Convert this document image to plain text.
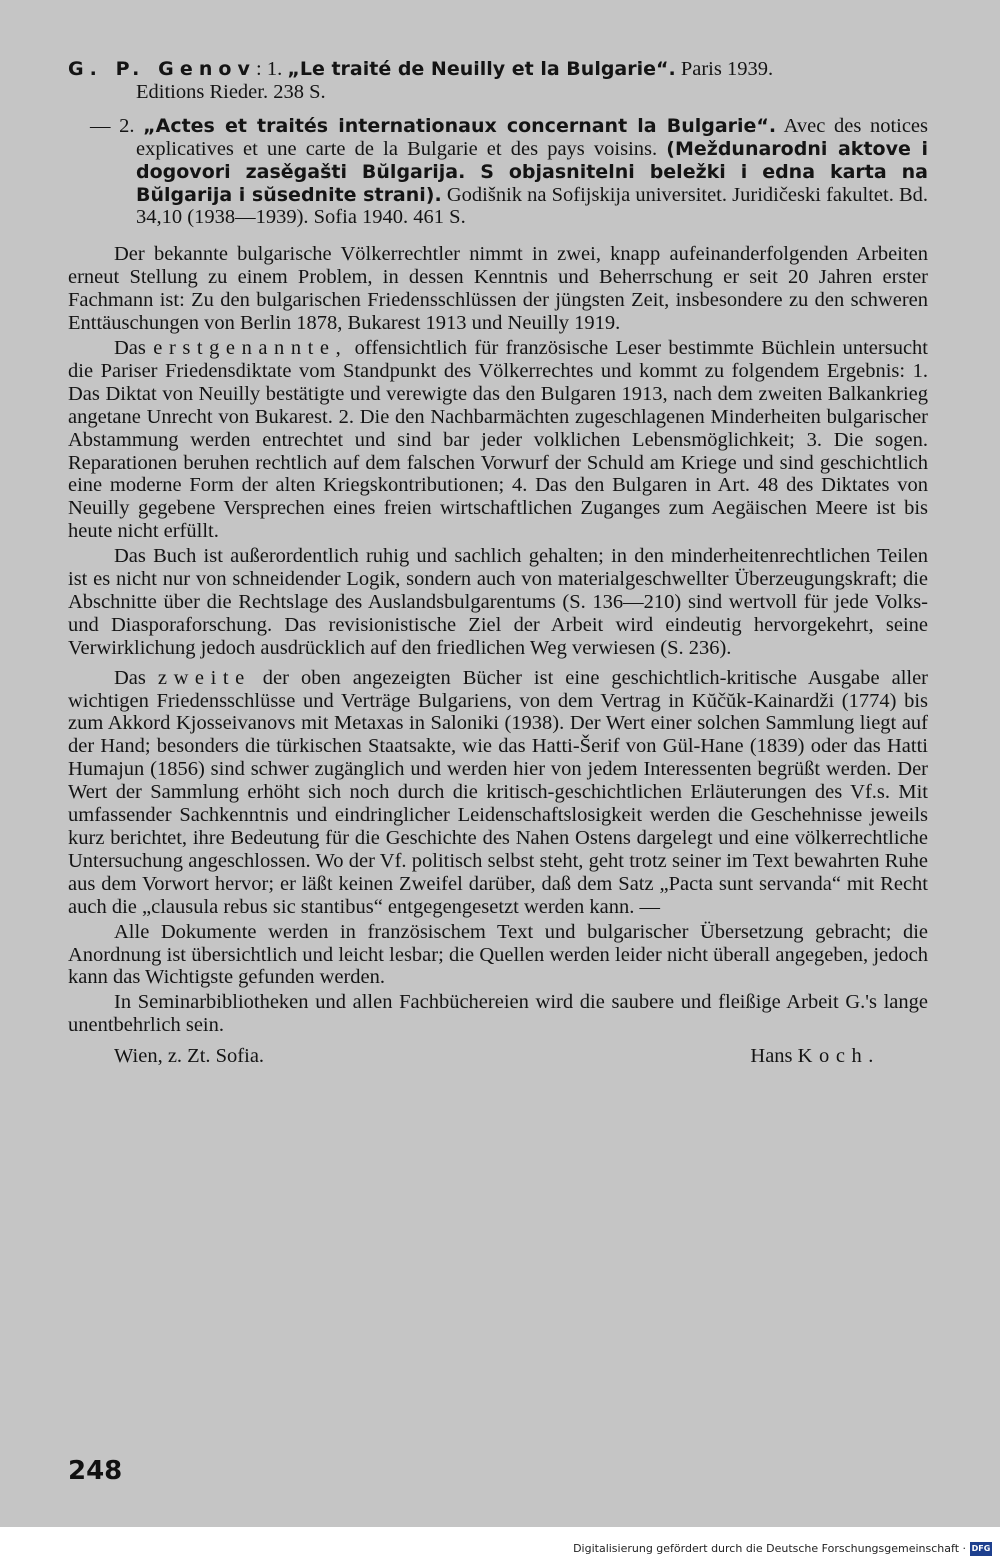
G. P. Genov: 1. „Le traité de Neuilly et la Bulgarie“. Paris 1939.
Editions Rieder. 238 S.
— 2. „Actes et traités internationaux concernant la Bulgarie“. Avec des notices explicatives et une carte de la Bulgarie et des pays voisins. (Meždunarodni aktove i dogovori zasěgašti Bŭlgarija. S objasnitelni beležki i edna karta na Bŭlgarija i sŭsednite strani). Godišnik na Sofijskija universitet. Juridičeski fakultet. Bd. 34,10 (1938—1939). Sofia 1940. 461 S.

Der bekannte bulgarische Völkerrechtler nimmt in zwei, knapp aufeinanderfolgenden Arbeiten erneut Stellung zu einem Problem, in dessen Kenntnis und Beherrschung er seit 20 Jahren erster Fachmann ist: Zu den bulgarischen Friedensschlüssen der jüngsten Zeit, insbesondere zu den schweren Enttäuschungen von Berlin 1878, Bukarest 1913 und Neuilly 1919.

Das erstgenannte, offensichtlich für französische Leser bestimmte Büchlein untersucht die Pariser Friedensdiktate vom Standpunkt des Völkerrechtes und kommt zu folgendem Ergebnis: 1. Das Diktat von Neuilly bestätigte und verewigte das den Bulgaren 1913, nach dem zweiten Balkankrieg angetane Unrecht von Bukarest. 2. Die den Nachbarmächten zugeschlagenen Minderheiten bulgarischer Abstammung werden entrechtet und sind bar jeder volklichen Lebensmöglichkeit; 3. Die sogen. Reparationen beruhen rechtlich auf dem falschen Vorwurf der Schuld am Kriege und sind geschichtlich eine moderne Form der alten Kriegskontributionen; 4. Das den Bulgaren in Art. 48 des Diktates von Neuilly gegebene Versprechen eines freien wirtschaftlichen Zuganges zum Aegäischen Meere ist bis heute nicht erfüllt.

Das Buch ist außerordentlich ruhig und sachlich gehalten; in den minderheitenrechtlichen Teilen ist es nicht nur von schneidender Logik, sondern auch von materialgeschwellter Überzeugungskraft; die Abschnitte über die Rechtslage des Auslandsbulgarentums (S. 136—210) sind wertvoll für jede Volks- und Diasporaforschung. Das revisionistische Ziel der Arbeit wird eindeutig hervorgekehrt, seine Verwirklichung jedoch ausdrücklich auf den friedlichen Weg verwiesen (S. 236).

Das zweite der oben angezeigten Bücher ist eine geschichtlich-kritische Ausgabe aller wichtigen Friedensschlüsse und Verträge Bulgariens, von dem Vertrag in Kŭčŭk-Kainardži (1774) bis zum Akkord Kjosseivanovs mit Metaxas in Saloniki (1938). Der Wert einer solchen Sammlung liegt auf der Hand; besonders die türkischen Staatsakte, wie das Hatti-Šerif von Gül-Hane (1839) oder das Hatti Humajun (1856) sind schwer zugänglich und werden hier von jedem Interessenten begrüßt werden. Der Wert der Sammlung erhöht sich noch durch die kritisch-geschichtlichen Erläuterungen des Vf.s. Mit umfassender Sachkenntnis und eindringlicher Leidenschaftslosigkeit werden die Geschehnisse jeweils kurz berichtet, ihre Bedeutung für die Geschichte des Nahen Ostens dargelegt und eine völkerrechtliche Untersuchung angeschlossen. Wo der Vf. politisch selbst steht, geht trotz seiner im Text bewahrten Ruhe aus dem Vorwort hervor; er läßt keinen Zweifel darüber, daß dem Satz „Pacta sunt servanda“ mit Recht auch die „clausula rebus sic stantibus“ entgegengesetzt werden kann. —

Alle Dokumente werden in französischem Text und bulgarischer Übersetzung gebracht; die Anordnung ist übersichtlich und leicht lesbar; die Quellen werden leider nicht überall angegeben, jedoch kann das Wichtigste gefunden werden.

In Seminarbibliotheken und allen Fachbüchereien wird die saubere und fleißige Arbeit G.'s lange unentbehrlich sein.

Wien, z. Zt. Sofia.	Hans Koch.
248
Digitalisierung gefördert durch die Deutsche Forschungsgemeinschaft · DFG
